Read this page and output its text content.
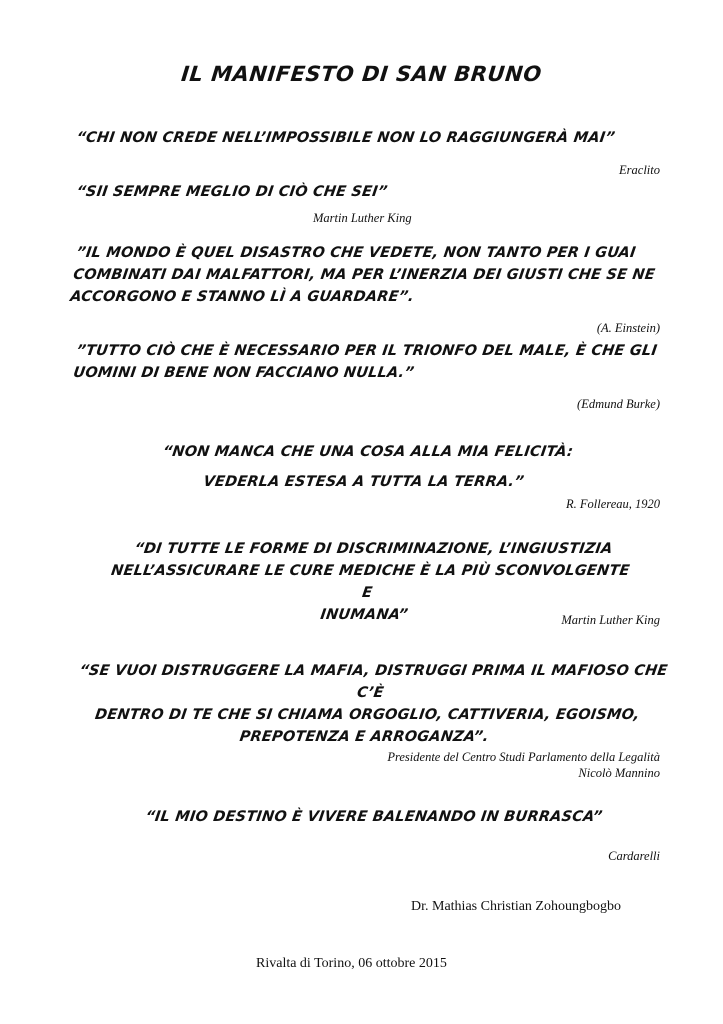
IL MANIFESTO DI SAN BRUNO
“CHI NON CREDE NELL’IMPOSSIBILE NON LO RAGGIUNGERÀ MAI”
Eraclito
“SII SEMPRE MEGLIO DI CIÒ CHE SEI”
Martin Luther King
”IL MONDO È QUEL DISASTRO CHE VEDETE, NON TANTO PER I GUAI
COMBINATI DAI MALFATTORI, MA PER L’INERZIA DEI GIUSTI CHE SE NE
ACCORGONO E STANNO LÌ A GUARDARE”.
(A. Einstein)
”TUTTO CIÒ CHE È NECESSARIO PER IL TRIONFO DEL MALE, È CHE GLI
UOMINI DI BENE NON FACCIANO NULLA.”
(Edmund Burke)
“NON MANCA CHE UNA COSA ALLA MIA FELICITÀ:
VEDERLA ESTESA A TUTTA LA TERRA.”
R. Follereau, 1920
“DI TUTTE LE FORME DI DISCRIMINAZIONE, L’INGIUSTIZIA
NELL’ASSICURARE LE CURE MEDICHE È LA PIÙ SCONVOLGENTE E
INUMANA”	Martin Luther King
“SE VUOI DISTRUGGERE LA MAFIA, DISTRUGGI PRIMA IL MAFIOSO CHE C’È
DENTRO DI TE CHE SI CHIAMA ORGOGLIO, CATTIVERIA, EGOISMO,
PREPOTENZA E ARROGANZA”.
Presidente del Centro Studi Parlamento della Legalità
Nicolò Mannino
“IL MIO DESTINO È VIVERE BALENANDO IN BURRASCA”
Cardarelli
Dr. Mathias Christian Zohoungbogbo
Rivalta di Torino, 06 ottobre 2015
